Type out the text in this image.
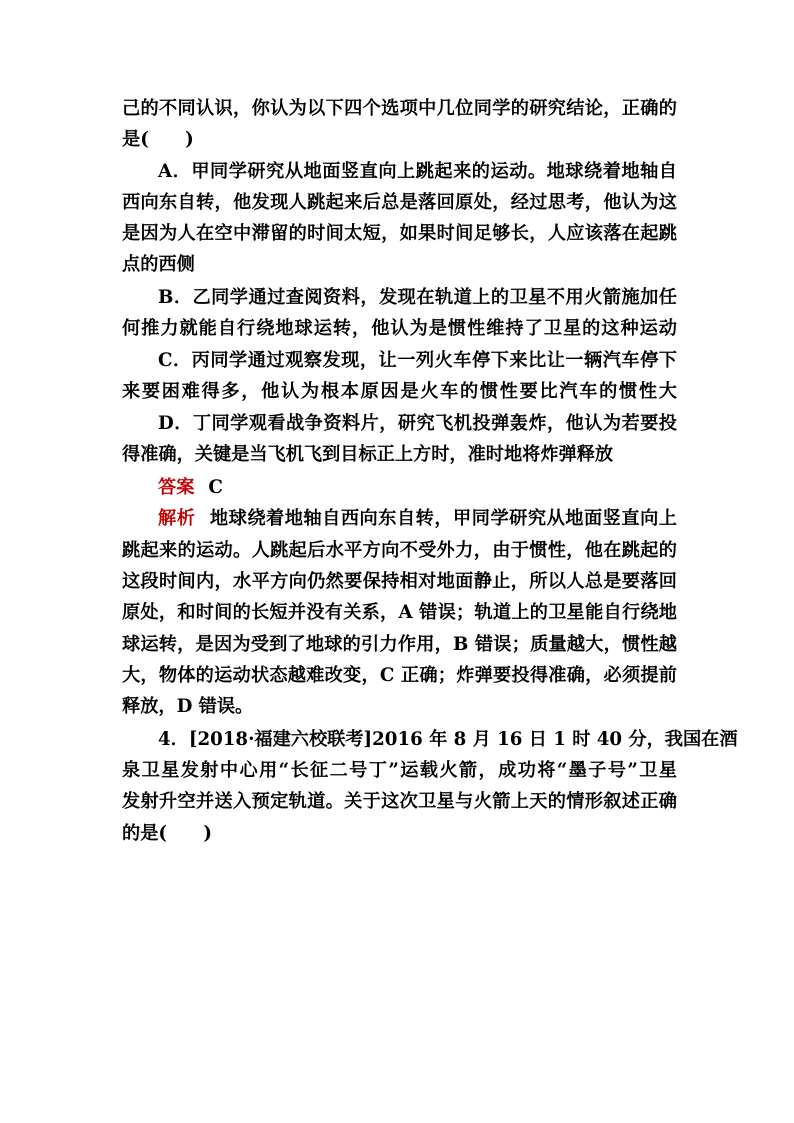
己的不同认识，你认为以下四个选项中几位同学的研究结论，正确的
是(　　)
A．甲同学研究从地面竖直向上跳起来的运动。地球绕着地轴自
西向东自转，他发现人跳起来后总是落回原处，经过思考，他认为这
是因为人在空中滞留的时间太短，如果时间足够长，人应该落在起跳
点的西侧
B．乙同学通过查阅资料，发现在轨道上的卫星不用火箭施加任
何推力就能自行绕地球运转，他认为是惯性维持了卫星的这种运动
C．丙同学通过观察发现，让一列火车停下来比让一辆汽车停下
来要困难得多，他认为根本原因是火车的惯性要比汽车的惯性大
D．丁同学观看战争资料片，研究飞机投弹轰炸，他认为若要投
得准确，关键是当飞机飞到目标正上方时，准时地将炸弹释放
答案 C
解析 地球绕着地轴自西向东自转，甲同学研究从地面竖直向上
跳起来的运动。人跳起后水平方向不受外力，由于惯性，他在跳起的
这段时间内，水平方向仍然要保持相对地面静止，所以人总是要落回
原处，和时间的长短并没有关系，A 错误；轨道上的卫星能自行绕地
球运转，是因为受到了地球的引力作用，B 错误；质量越大，惯性越
大，物体的运动状态越难改变，C 正确；炸弹要投得准确，必须提前
释放，D 错误。
4．[2018·福建六校联考]2016 年 8 月 16 日 1 时 40 分，我国在酒
泉卫星发射中心用“长征二号丁”运载火箭，成功将“墨子号”卫星
发射升空并送入预定轨道。关于这次卫星与火箭上天的情形叙述正确
的是(　　)
